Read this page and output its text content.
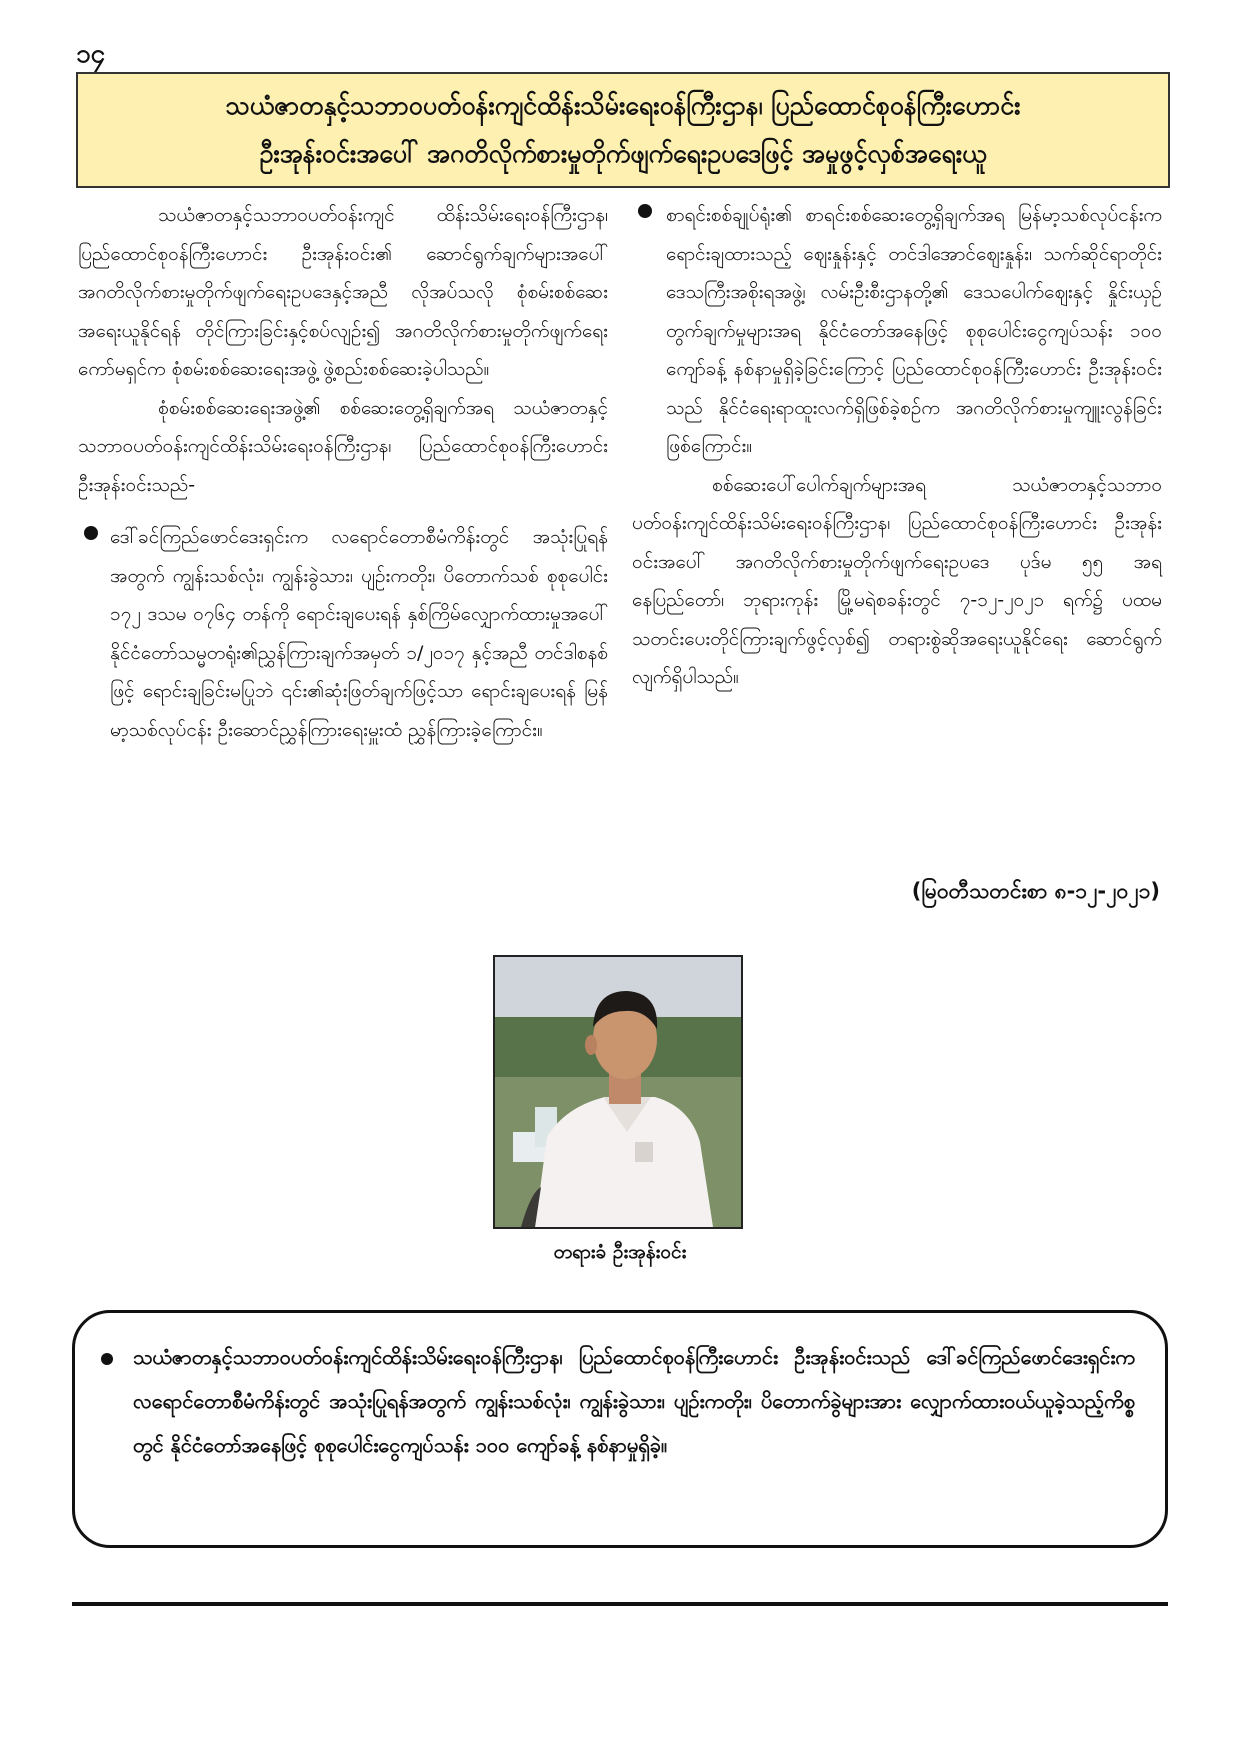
၁၄
သယံဇာတနှင့်သဘာဝပတ်ဝန်းကျင်ထိန်းသိမ်းရေးဝန်ကြီးဌာန၊ ပြည်ထောင်စုဝန်ကြီးဟောင်း
ဦးအုန်းဝင်းအပေါ် အဂတိလိုက်စားမှုတိုက်ဖျက်ရေးဥပဒေဖြင့် အမှုဖွင့်လှစ်အရေးယူ

သယံဇာတနှင့်သဘာဝပတ်ဝန်းကျင် ထိန်းသိမ်းရေးဝန်ကြီးဌာန၊ ပြည်ထောင်စုဝန်ကြီးဟောင်း ဦးအုန်းဝင်း၏ ဆောင်ရွက်ချက်များအပေါ် အဂတိလိုက်စားမှုတိုက်ဖျက်ရေးဥပဒေနှင့်အညီ လိုအပ်သလို စုံစမ်းစစ်ဆေးအရေးယူနိုင်ရန် တိုင်ကြားခြင်းနှင့်စပ်လျဉ်း၍ အဂတိလိုက်စားမှုတိုက်ဖျက်ရေးကော်မရှင်က စုံစမ်းစစ်ဆေးရေးအဖွဲ့ ဖွဲ့စည်းစစ်ဆေးခဲ့ပါသည်။

စုံစမ်းစစ်ဆေးရေးအဖွဲ့၏ စစ်ဆေးတွေ့ရှိချက်အရ သယံဇာတနှင့်သဘာဝပတ်ဝန်းကျင်ထိန်းသိမ်းရေးဝန်ကြီးဌာန၊ ပြည်ထောင်စုဝန်ကြီးဟောင်း ဦးအုန်းဝင်းသည်-

ဒေါ်ခင်ကြည်ဖောင်ဒေးရှင်းက လရောင်တောစီမံကိန်းတွင် အသုံးပြုရန်အတွက် ကျွန်းသစ်လုံး၊ ကျွန်းခွဲသား၊ ပျဉ်းကတိုး၊ ပိတောက်သစ် စုစုပေါင်း ၁၇၂ ဒသမ ၀၇၆၄ တန်ကို ရောင်းချပေးရန် နှစ်ကြိမ်လျှောက်ထားမှုအပေါ် နိုင်ငံတော်သမ္မတရုံး၏ညွှန်ကြားချက်အမှတ် ၁/၂၀၁၇ နှင့်အညီ တင်ဒါစနစ်ဖြင့် ရောင်းချခြင်းမပြုဘဲ ၎င်း၏ဆုံးဖြတ်ချက်ဖြင့်သာ ရောင်းချပေးရန် မြန်မာ့သစ်လုပ်ငန်း ဦးဆောင်ညွှန်ကြားရေးမှူးထံ ညွှန်ကြားခဲ့ကြောင်း။
စာရင်းစစ်ချုပ်ရုံး၏ စာရင်းစစ်ဆေးတွေ့ရှိချက်အရ မြန်မာ့သစ်လုပ်ငန်းက ရောင်းချထားသည့် ဈေးနှုန်းနှင့် တင်ဒါအောင်ဈေးနှုန်း၊ သက်ဆိုင်ရာတိုင်းဒေသကြီးအစိုးရအဖွဲ့၊ လမ်းဦးစီးဌာနတို့၏ ဒေသပေါက်ဈေးနှင့် နှိုင်းယှဉ်တွက်ချက်မှုများအရ နိုင်ငံတော်အနေဖြင့် စုစုပေါင်းငွေကျပ်သန်း ၁၀၀ ကျော်ခန့် နစ်နာမှုရှိခဲ့ခြင်းကြောင့် ပြည်ထောင်စုဝန်ကြီးဟောင်း ဦးအုန်းဝင်းသည် နိုင်ငံရေးရာထူးလက်ရှိဖြစ်ခဲ့စဉ်က အဂတိလိုက်စားမှုကျူးလွန်ခြင်းဖြစ်ကြောင်း။

စစ်ဆေးပေါ်ပေါက်ချက်များအရ သယံဇာတနှင့်သဘာဝပတ်ဝန်းကျင်ထိန်းသိမ်းရေးဝန်ကြီးဌာန၊ ပြည်ထောင်စုဝန်ကြီးဟောင်း ဦးအုန်းဝင်းအပေါ် အဂတိလိုက်စားမှုတိုက်ဖျက်ရေးဥပဒေ ပုဒ်မ ၅၅ အရ နေပြည်တော်၊ ဘုရားကုန်း မြို့မရဲစခန်းတွင် ၇-၁၂-၂၀၂၁ ရက်၌ ပထမသတင်းပေးတိုင်ကြားချက်ဖွင့်လှစ်၍ တရားစွဲဆိုအရေးယူနိုင်ရေး ဆောင်ရွက်လျက်ရှိပါသည်။

(မြဝတီသတင်းစာ ၈-၁၂-၂၀၂၁)
တရားခံ ဦးအုန်းဝင်း
သယံဇာတနှင့်သဘာဝပတ်ဝန်းကျင်ထိန်းသိမ်းရေးဝန်ကြီးဌာန၊ ပြည်ထောင်စုဝန်ကြီးဟောင်း ဦးအုန်းဝင်းသည် ဒေါ်ခင်ကြည်ဖောင်ဒေးရှင်းက လရောင်တောစီမံကိန်းတွင် အသုံးပြုရန်အတွက် ကျွန်းသစ်လုံး၊ ကျွန်းခွဲသား၊ ပျဉ်းကတိုး၊ ပိတောက်ခွဲများအား လျှောက်ထားဝယ်ယူခဲ့သည့်ကိစ္စတွင် နိုင်ငံတော်အနေဖြင့် စုစုပေါင်းငွေကျပ်သန်း ၁၀၀ ကျော်ခန့် နစ်နာမှုရှိခဲ့။
